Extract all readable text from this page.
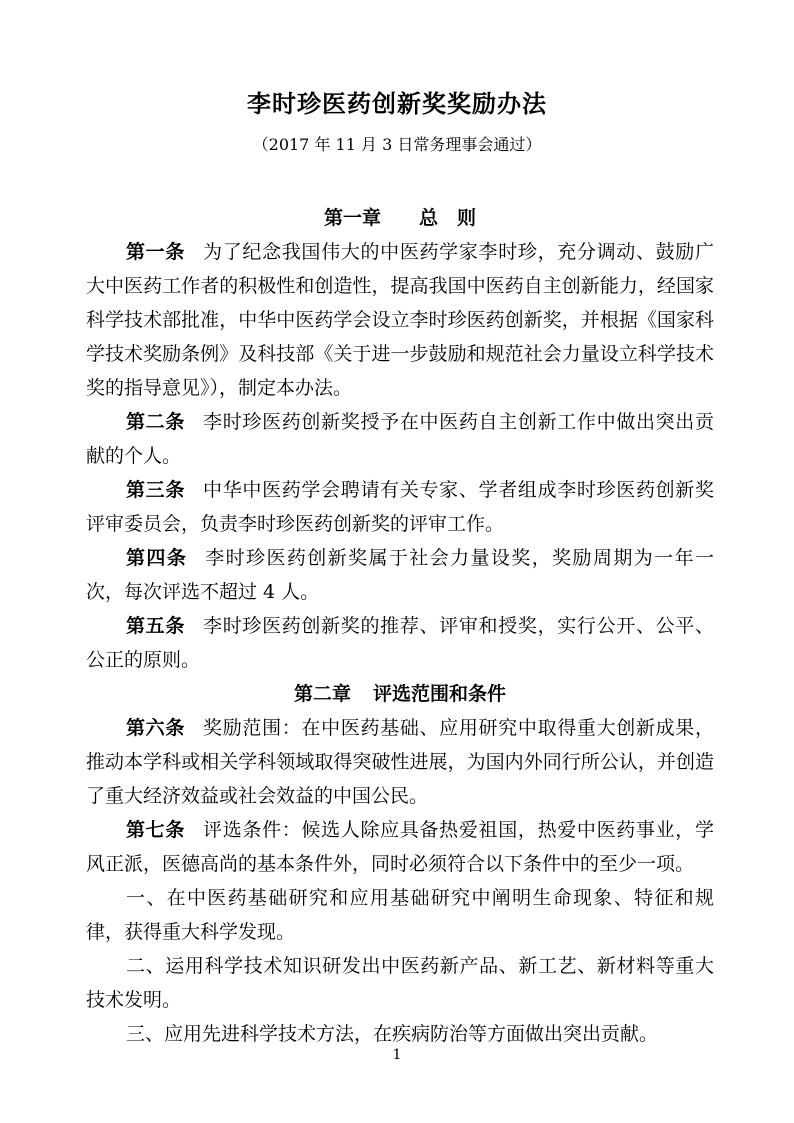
李时珍医药创新奖奖励办法
（2017 年 11 月 3 日常务理事会通过）

第一章 总　则

第一条 为了纪念我国伟大的中医药学家李时珍，充分调动、鼓励广大中医药工作者的积极性和创造性，提高我国中医药自主创新能力，经国家科学技术部批准，中华中医药学会设立李时珍医药创新奖，并根据《国家科学技术奖励条例》及科技部《关于进一步鼓励和规范社会力量设立科学技术奖的指导意见》），制定本办法。

第二条 李时珍医药创新奖授予在中医药自主创新工作中做出突出贡献的个人。

第三条 中华中医药学会聘请有关专家、学者组成李时珍医药创新奖评审委员会，负责李时珍医药创新奖的评审工作。

第四条 李时珍医药创新奖属于社会力量设奖，奖励周期为一年一次，每次评选不超过 4 人。

第五条 李时珍医药创新奖的推荐、评审和授奖，实行公开、公平、公正的原则。

第二章 评选范围和条件

第六条 奖励范围：在中医药基础、应用研究中取得重大创新成果，推动本学科或相关学科领域取得突破性进展，为国内外同行所公认，并创造了重大经济效益或社会效益的中国公民。

第七条 评选条件：候选人除应具备热爱祖国，热爱中医药事业，学风正派，医德高尚的基本条件外，同时必须符合以下条件中的至少一项。

一、在中医药基础研究和应用基础研究中阐明生命现象、特征和规律，获得重大科学发现。

二、运用科学技术知识研发出中医药新产品、新工艺、新材料等重大技术发明。

三、应用先进科学技术方法，在疾病防治等方面做出突出贡献。

1
